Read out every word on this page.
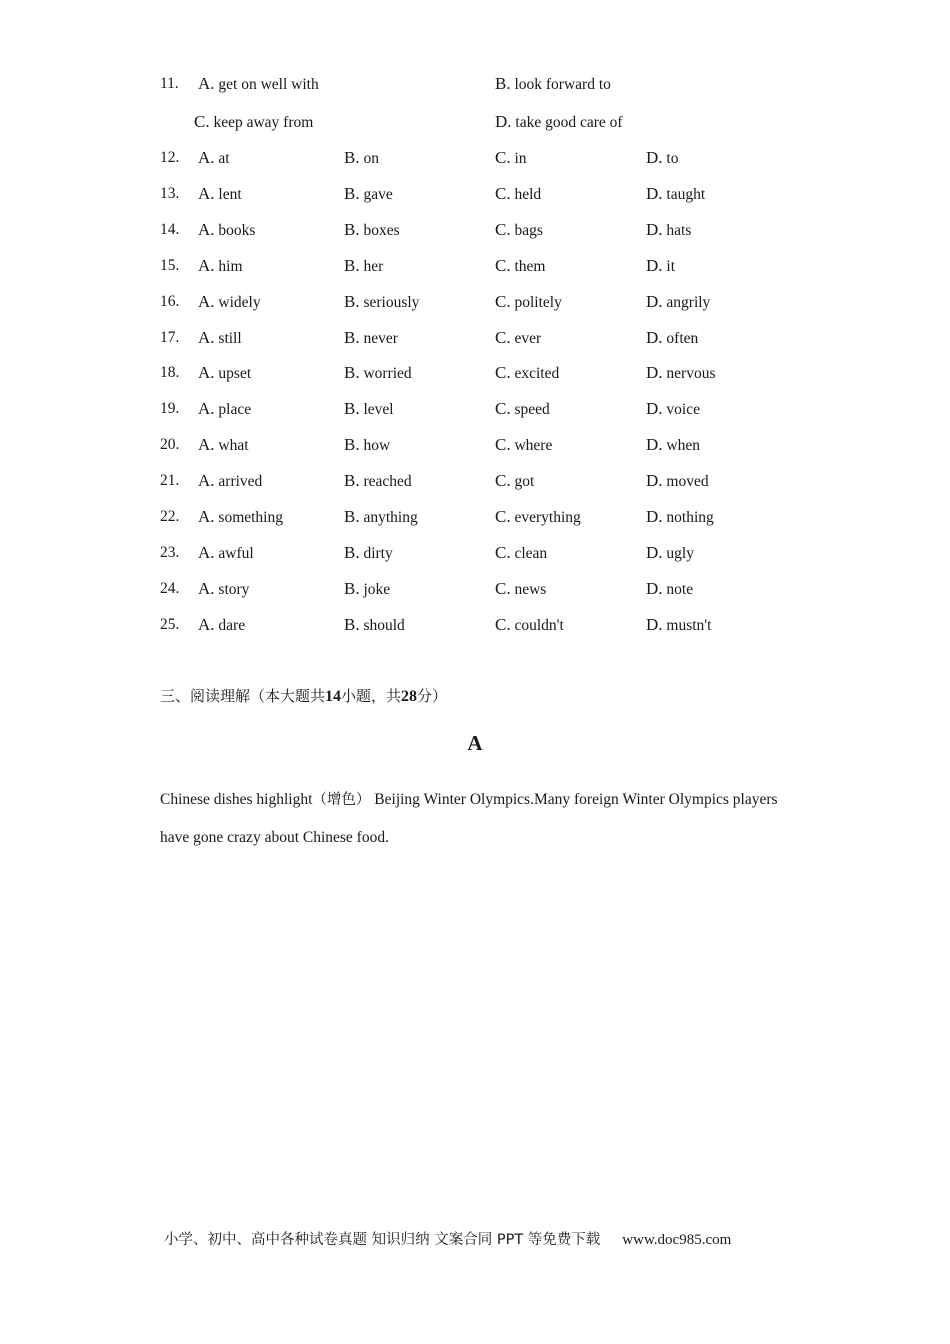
11.	A. get on well with	B. look forward to
C. keep away from	D. take good care of
12.	A. at	B. on	C. in	D. to
13.	A. lent	B. gave	C. held	D. taught
14.	A. books	B. boxes	C. bags	D. hats
15.	A. him	B. her	C. them	D. it
16.	A. widely	B. seriously	C. politely	D. angrily
17.	A. still	B. never	C. ever	D. often
18.	A. upset	B. worried	C. excited	D. nervous
19.	A. place	B. level	C. speed	D. voice
20.	A. what	B. how	C. where	D. when
21.	A. arrived	B. reached	C. got	D. moved
22.	A. something	B. anything	C. everything	D. nothing
23.	A. awful	B. dirty	C. clean	D. ugly
24.	A. story	B. joke	C. news	D. note
25.	A. dare	B. should	C. couldn't	D. mustn't
三、阅读理解（本大题共14小题，共28分）
A
Chinese dishes highlight（增色） Beijing Winter Olympics.Many foreign Winter Olympics players have gone crazy about Chinese food.
小学、初中、高中各种试卷真题 知识归纳 文案合同 PPT 等免费下载 www.doc985.com
